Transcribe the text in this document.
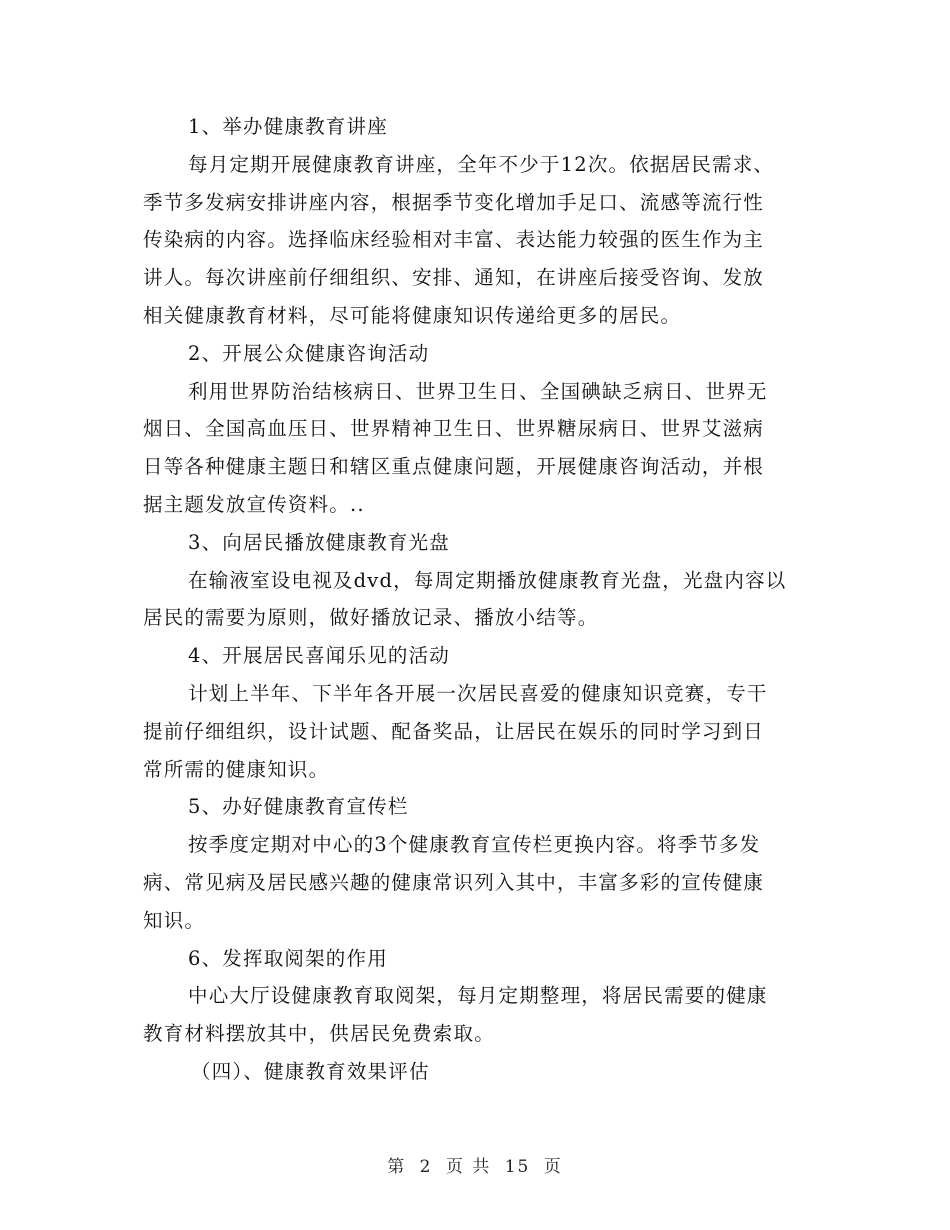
1、举办健康教育讲座
每月定期开展健康教育讲座，全年不少于12次。依据居民需求、
季节多发病安排讲座内容，根据季节变化增加手足口、流感等流行性
传染病的内容。选择临床经验相对丰富、表达能力较强的医生作为主
讲人。每次讲座前仔细组织、安排、通知，在讲座后接受咨询、发放
相关健康教育材料，尽可能将健康知识传递给更多的居民。
2、开展公众健康咨询活动
利用世界防治结核病日、世界卫生日、全国碘缺乏病日、世界无
烟日、全国高血压日、世界精神卫生日、世界糖尿病日、世界艾滋病
日等各种健康主题日和辖区重点健康问题，开展健康咨询活动，并根
据主题发放宣传资料。..
3、向居民播放健康教育光盘
在输液室设电视及dvd，每周定期播放健康教育光盘，光盘内容以
居民的需要为原则，做好播放记录、播放小结等。
4、开展居民喜闻乐见的活动
计划上半年、下半年各开展一次居民喜爱的健康知识竞赛，专干
提前仔细组织，设计试题、配备奖品，让居民在娱乐的同时学习到日
常所需的健康知识。
5、办好健康教育宣传栏
按季度定期对中心的3个健康教育宣传栏更换内容。将季节多发
病、常见病及居民感兴趣的健康常识列入其中，丰富多彩的宣传健康
知识。
6、发挥取阅架的作用
中心大厅设健康教育取阅架，每月定期整理，将居民需要的健康
教育材料摆放其中，供居民免费索取。
（四）、健康教育效果评估
第 2 页 共 15 页
